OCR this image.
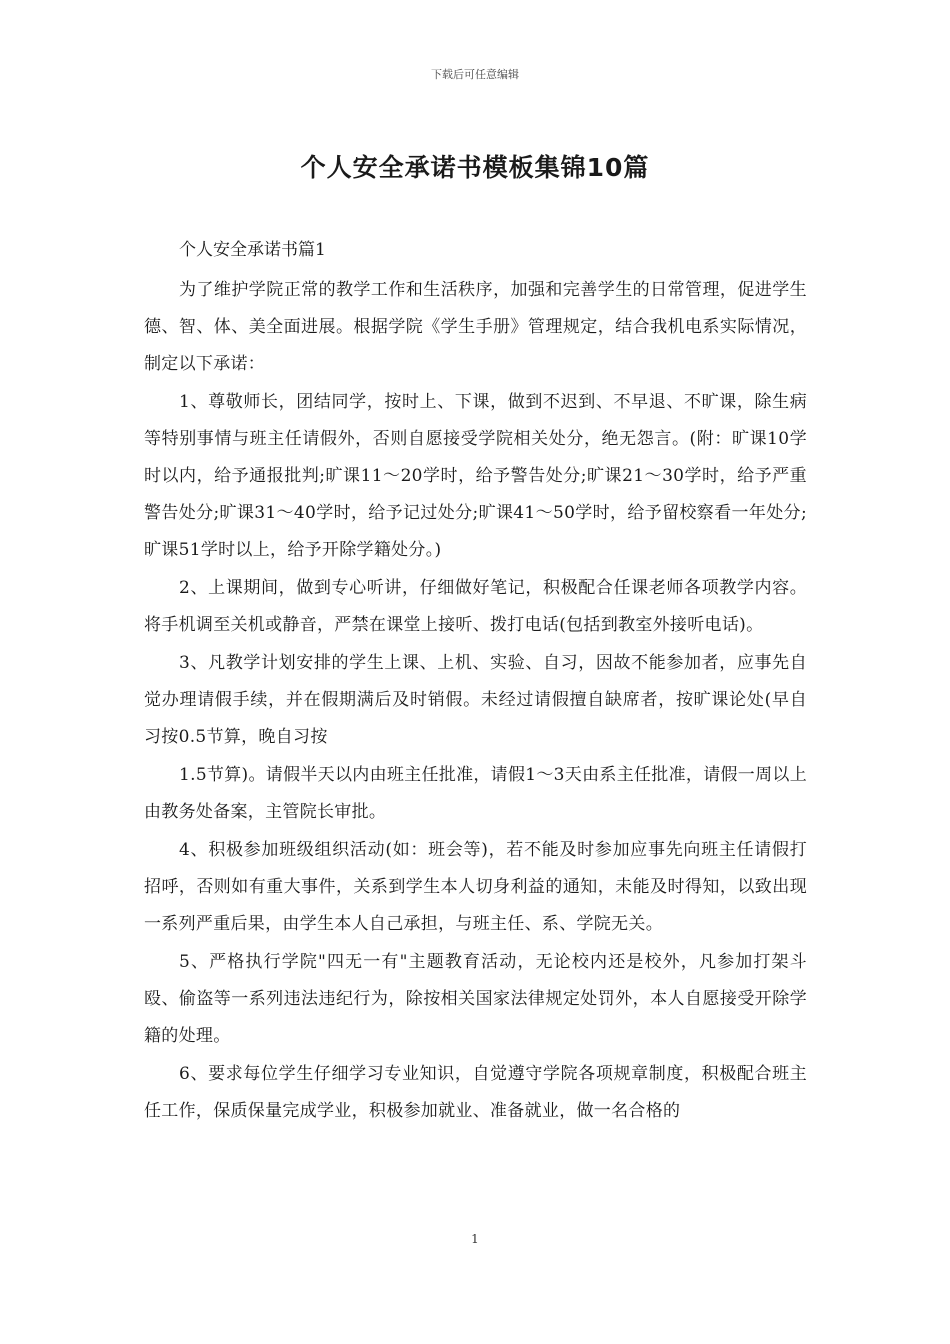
下载后可任意编辑
个人安全承诺书模板集锦10篇
个人安全承诺书篇1

为了维护学院正常的教学工作和生活秩序，加强和完善学生的日常管理，促进学生德、智、体、美全面进展。根据学院《学生手册》管理规定，结合我机电系实际情况，制定以下承诺：

1、尊敬师长，团结同学，按时上、下课，做到不迟到、不早退、不旷课，除生病等特别事情与班主任请假外，否则自愿接受学院相关处分，绝无怨言。(附：旷课10学时以内，给予通报批判;旷课11～20学时，给予警告处分;旷课21～30学时，给予严重警告处分;旷课31～40学时，给予记过处分;旷课41～50学时，给予留校察看一年处分;旷课51学时以上，给予开除学籍处分。)

2、上课期间，做到专心听讲，仔细做好笔记，积极配合任课老师各项教学内容。将手机调至关机或静音，严禁在课堂上接听、拨打电话(包括到教室外接听电话)。

3、凡教学计划安排的学生上课、上机、实验、自习，因故不能参加者，应事先自觉办理请假手续，并在假期满后及时销假。未经过请假擅自缺席者，按旷课论处(早自习按0.5节算，晚自习按

1.5节算)。请假半天以内由班主任批准，请假1～3天由系主任批准，请假一周以上由教务处备案，主管院长审批。

4、积极参加班级组织活动(如：班会等)，若不能及时参加应事先向班主任请假打招呼，否则如有重大事件，关系到学生本人切身利益的通知，未能及时得知，以致出现一系列严重后果，由学生本人自己承担，与班主任、系、学院无关。

5、严格执行学院"四无一有"主题教育活动，无论校内还是校外，凡参加打架斗殴、偷盗等一系列违法违纪行为，除按相关国家法律规定处罚外，本人自愿接受开除学籍的处理。

6、要求每位学生仔细学习专业知识，自觉遵守学院各项规章制度，积极配合班主任工作，保质保量完成学业，积极参加就业、准备就业，做一名合格的

1
